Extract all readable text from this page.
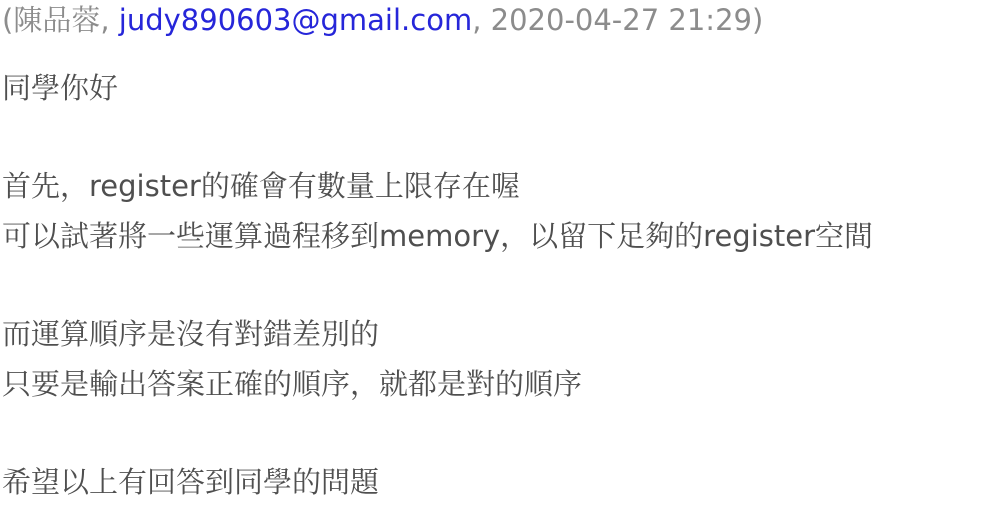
(陳品蓉, judy890603@gmail.com, 2020-04-27 21:29)
同學你好
首先，register的確會有數量上限存在喔
可以試著將一些運算過程移到memory，以留下足夠的register空間
而運算順序是沒有對錯差別的
只要是輸出答案正確的順序，就都是對的順序
希望以上有回答到同學的問題
